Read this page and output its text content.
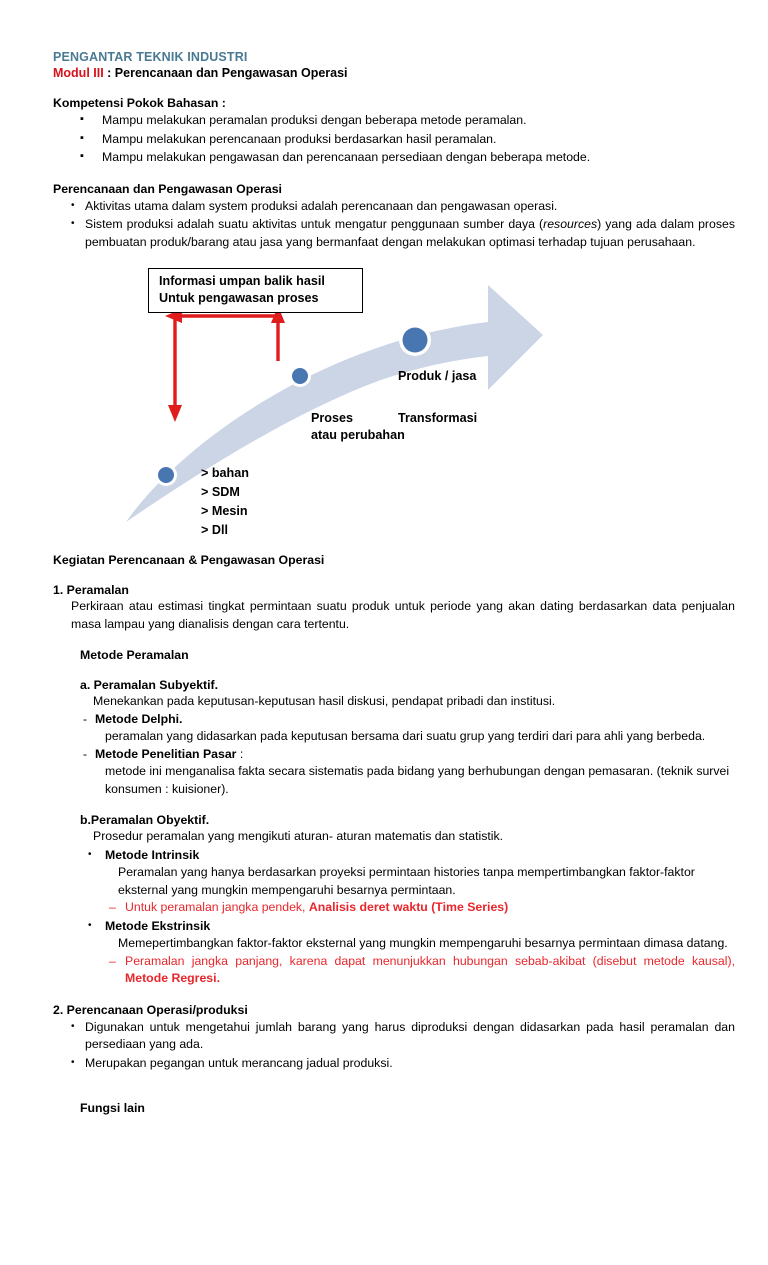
PENGANTAR TEKNIK INDUSTRI
Modul III : Perencanaan dan Pengawasan Operasi
Kompetensi Pokok Bahasan :
▪ Mampu melakukan peramalan produksi dengan beberapa metode peramalan.
▪ Mampu melakukan perencanaan produksi berdasarkan hasil peramalan.
▪ Mampu melakukan pengawasan dan perencanaan persediaan dengan beberapa metode.
Perencanaan dan Pengawasan Operasi
• Aktivitas utama dalam system produksi adalah perencanaan dan pengawasan operasi.
• Sistem produksi adalah suatu aktivitas untuk mengatur penggunaan sumber daya (resources) yang ada dalam proses pembuatan produk/barang atau jasa yang bermanfaat dengan melakukan optimasi terhadap tujuan perusahaan.
Informasi umpan balik hasil
Untuk pengawasan proses
Produk / jasa
Proses
atau perubahan
Transformasi
> bahan
> SDM
> Mesin
> Dll
Kegiatan Perencanaan & Pengawasan Operasi
1. Peramalan
Perkiraan atau estimasi tingkat permintaan suatu produk untuk periode yang akan dating berdasarkan data penjualan masa lampau yang dianalisis dengan cara tertentu.
Metode Peramalan
a. Peramalan Subyektif.
Menekankan pada keputusan-keputusan hasil diskusi, pendapat pribadi dan institusi.
- Metode Delphi.
peramalan yang didasarkan pada keputusan bersama dari suatu grup yang terdiri dari para ahli yang berbeda.
- Metode Penelitian Pasar :
metode ini menganalisa fakta secara sistematis pada bidang yang berhubungan dengan pemasaran. (teknik survei konsumen : kuisioner).
b.Peramalan Obyektif.
Prosedur peramalan yang mengikuti aturan- aturan matematis dan statistik.
• Metode Intrinsik
Peramalan yang hanya berdasarkan proyeksi permintaan histories tanpa mempertimbangkan faktor-faktor eksternal yang mungkin mempengaruhi besarnya permintaan.
– Untuk peramalan jangka pendek, Analisis deret waktu (Time Series)
• Metode Ekstrinsik
Memepertimbangkan faktor-faktor eksternal yang mungkin mempengaruhi besarnya permintaan dimasa datang.
– Peramalan jangka panjang, karena dapat menunjukkan hubungan sebab-akibat (disebut metode kausal), Metode Regresi.
2. Perencanaan Operasi/produksi
• Digunakan untuk mengetahui jumlah barang yang harus diproduksi dengan didasarkan pada hasil peramalan dan persediaan yang ada.
• Merupakan pegangan untuk merancang jadual produksi.
Fungsi lain
